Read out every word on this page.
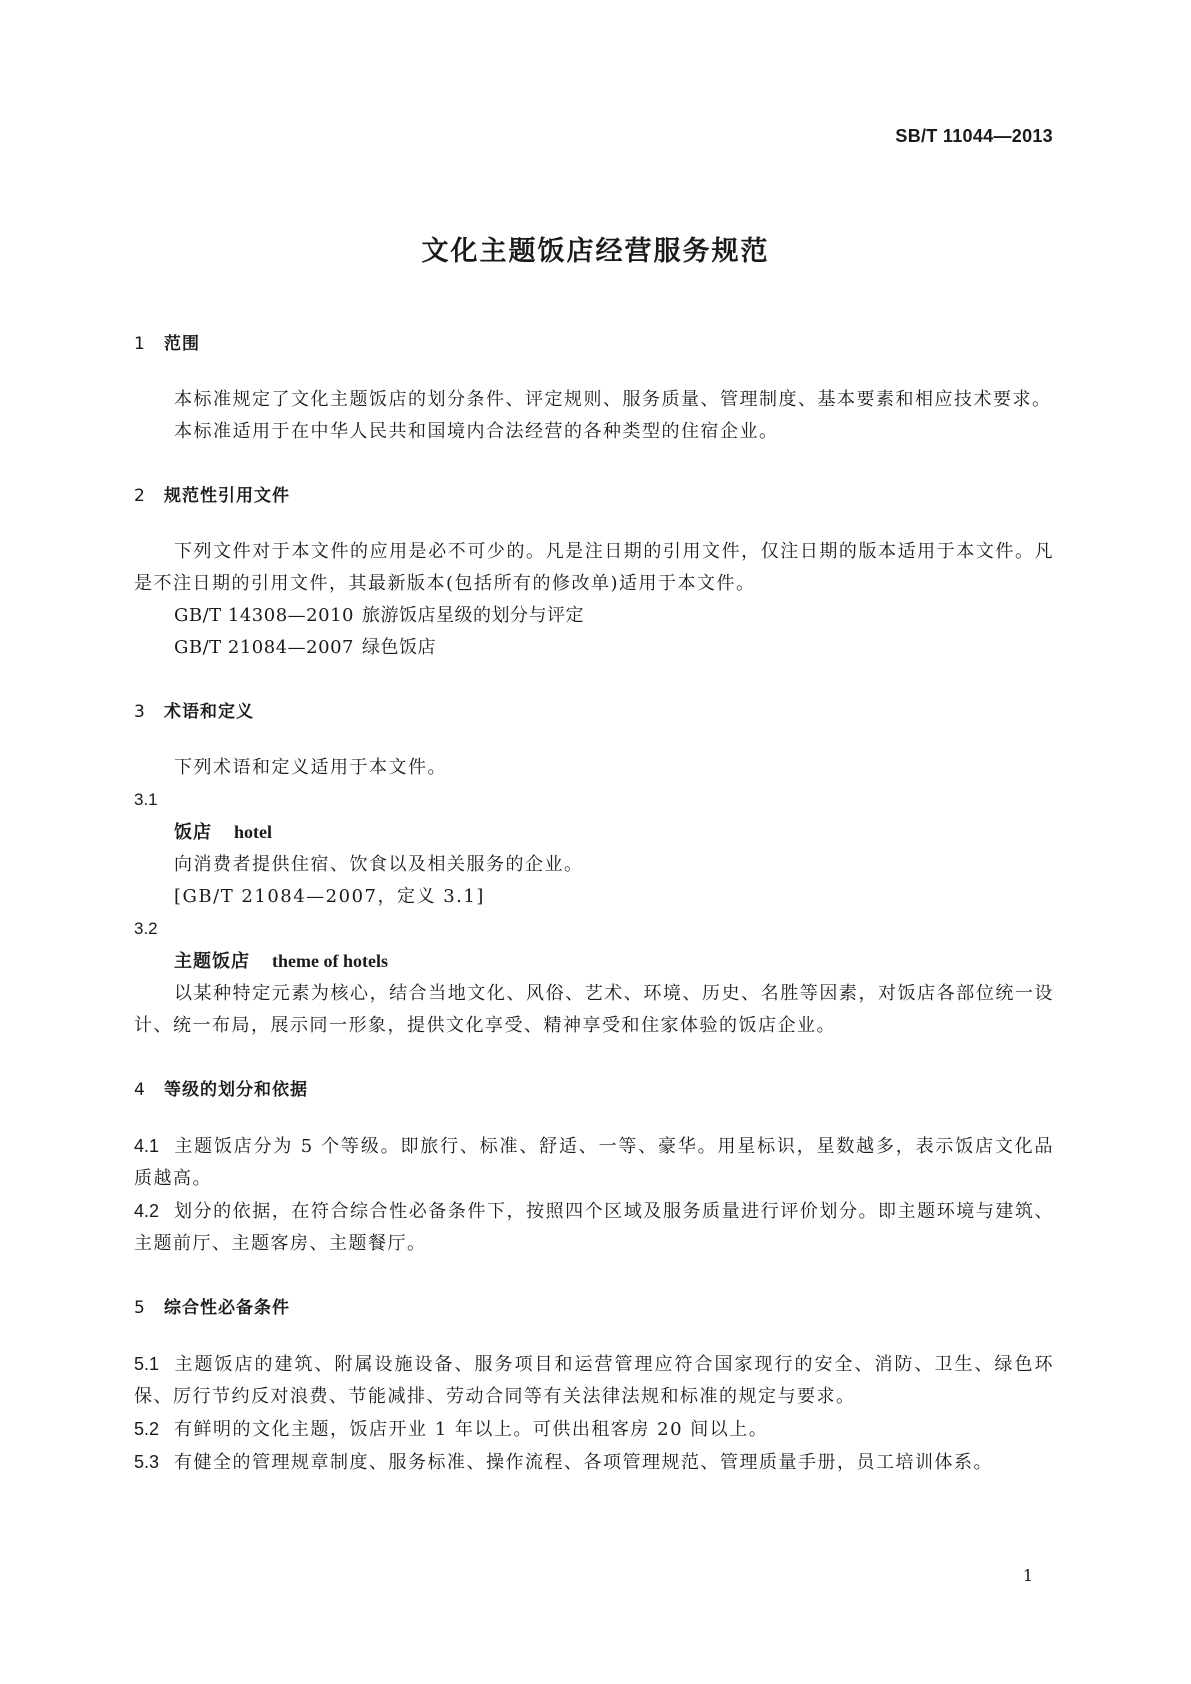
SB/T 11044—2013
文化主题饭店经营服务规范
1 范围
本标准规定了文化主题饭店的划分条件、评定规则、服务质量、管理制度、基本要素和相应技术要求。
本标准适用于在中华人民共和国境内合法经营的各种类型的住宿企业。
2 规范性引用文件
下列文件对于本文件的应用是必不可少的。凡是注日期的引用文件，仅注日期的版本适用于本文件。凡是不注日期的引用文件，其最新版本(包括所有的修改单)适用于本文件。
GB/T 14308—2010 旅游饭店星级的划分与评定
GB/T 21084—2007 绿色饭店
3 术语和定义
下列术语和定义适用于本文件。
3.1
饭店 hotel
向消费者提供住宿、饮食以及相关服务的企业。
[GB/T 21084—2007，定义 3.1]
3.2
主题饭店 theme of hotels
以某种特定元素为核心，结合当地文化、风俗、艺术、环境、历史、名胜等因素，对饭店各部位统一设计、统一布局，展示同一形象，提供文化享受、精神享受和住家体验的饭店企业。
4 等级的划分和依据
4.1 主题饭店分为 5 个等级。即旅行、标准、舒适、一等、豪华。用星标识，星数越多，表示饭店文化品质越高。
4.2 划分的依据，在符合综合性必备条件下，按照四个区域及服务质量进行评价划分。即主题环境与建筑、主题前厅、主题客房、主题餐厅。
5 综合性必备条件
5.1 主题饭店的建筑、附属设施设备、服务项目和运营管理应符合国家现行的安全、消防、卫生、绿色环保、厉行节约反对浪费、节能减排、劳动合同等有关法律法规和标准的规定与要求。
5.2 有鲜明的文化主题，饭店开业 1 年以上。可供出租客房 20 间以上。
5.3 有健全的管理规章制度、服务标准、操作流程、各项管理规范、管理质量手册，员工培训体系。
1
